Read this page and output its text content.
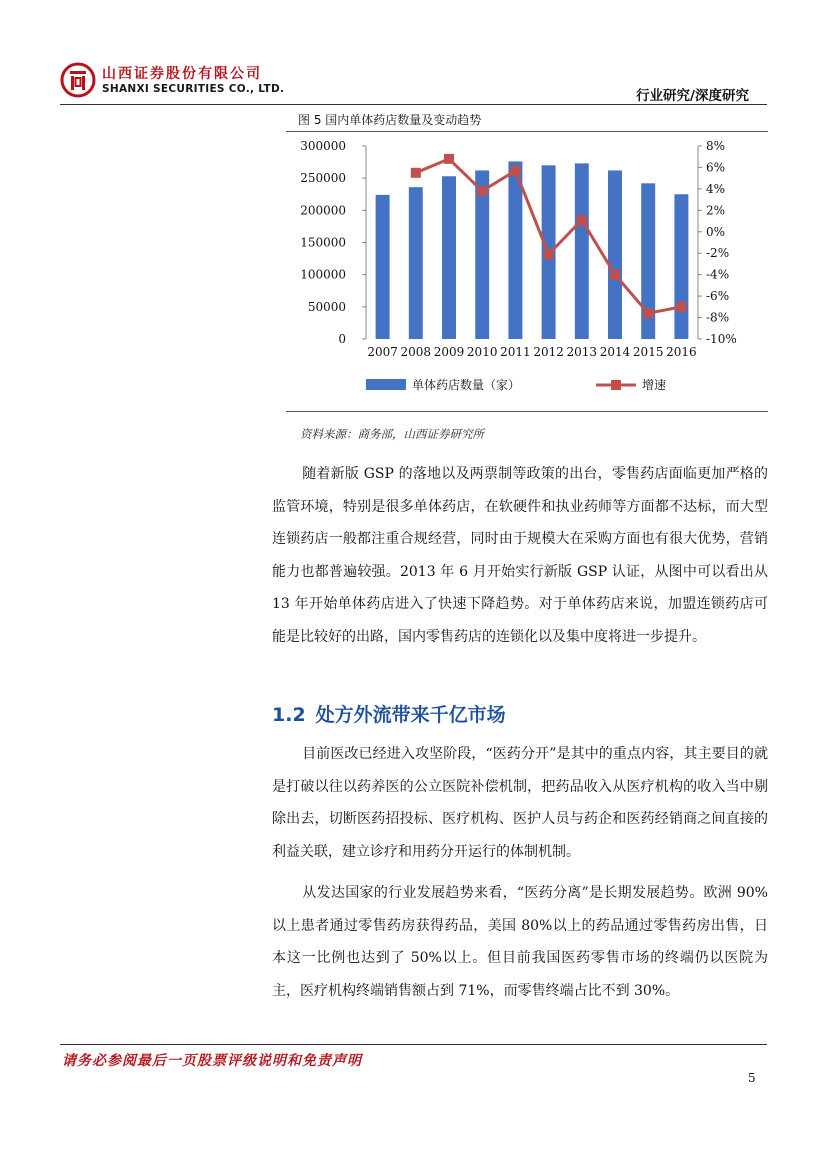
山西证券股份有限公司
SHANXI SECURITIES CO., LTD.	行业研究/深度研究
图 5 国内单体药店数量及变动趋势
0
50000
100000
150000
200000
250000
300000
-10%
-8%
-6%
-4%
-2%
0%
2%
4%
6%
8%
2007 2008 2009 2010 2011 2012 2013 2014 2015 2016
单体药店数量（家）	增速
资料来源：商务部，山西证券研究所

随着新版 GSP 的落地以及两票制等政策的出台，零售药店面临更加严格的监管环境，特别是很多单体药店，在软硬件和执业药师等方面都不达标，而大型连锁药店一般都注重合规经营，同时由于规模大在采购方面也有很大优势，营销能力也都普遍较强。2013 年 6 月开始实行新版 GSP 认证，从图中可以看出从 13 年开始单体药店进入了快速下降趋势。对于单体药店来说，加盟连锁药店可能是比较好的出路，国内零售药店的连锁化以及集中度将进一步提升。

1.2 处方外流带来千亿市场

目前医改已经进入攻坚阶段，“医药分开”是其中的重点内容，其主要目的就是打破以往以药养医的公立医院补偿机制，把药品收入从医疗机构的收入当中剔除出去，切断医药招投标、医疗机构、医护人员与药企和医药经销商之间直接的利益关联，建立诊疗和用药分开运行的体制机制。

从发达国家的行业发展趋势来看，“医药分离”是长期发展趋势。欧洲 90%以上患者通过零售药房获得药品，美国 80%以上的药品通过零售药房出售，日本这一比例也达到了 50%以上。但目前我国医药零售市场的终端仍以医院为主，医疗机构终端销售额占到 71%，而零售终端占比不到 30%。

请务必参阅最后一页股票评级说明和免责声明
5
